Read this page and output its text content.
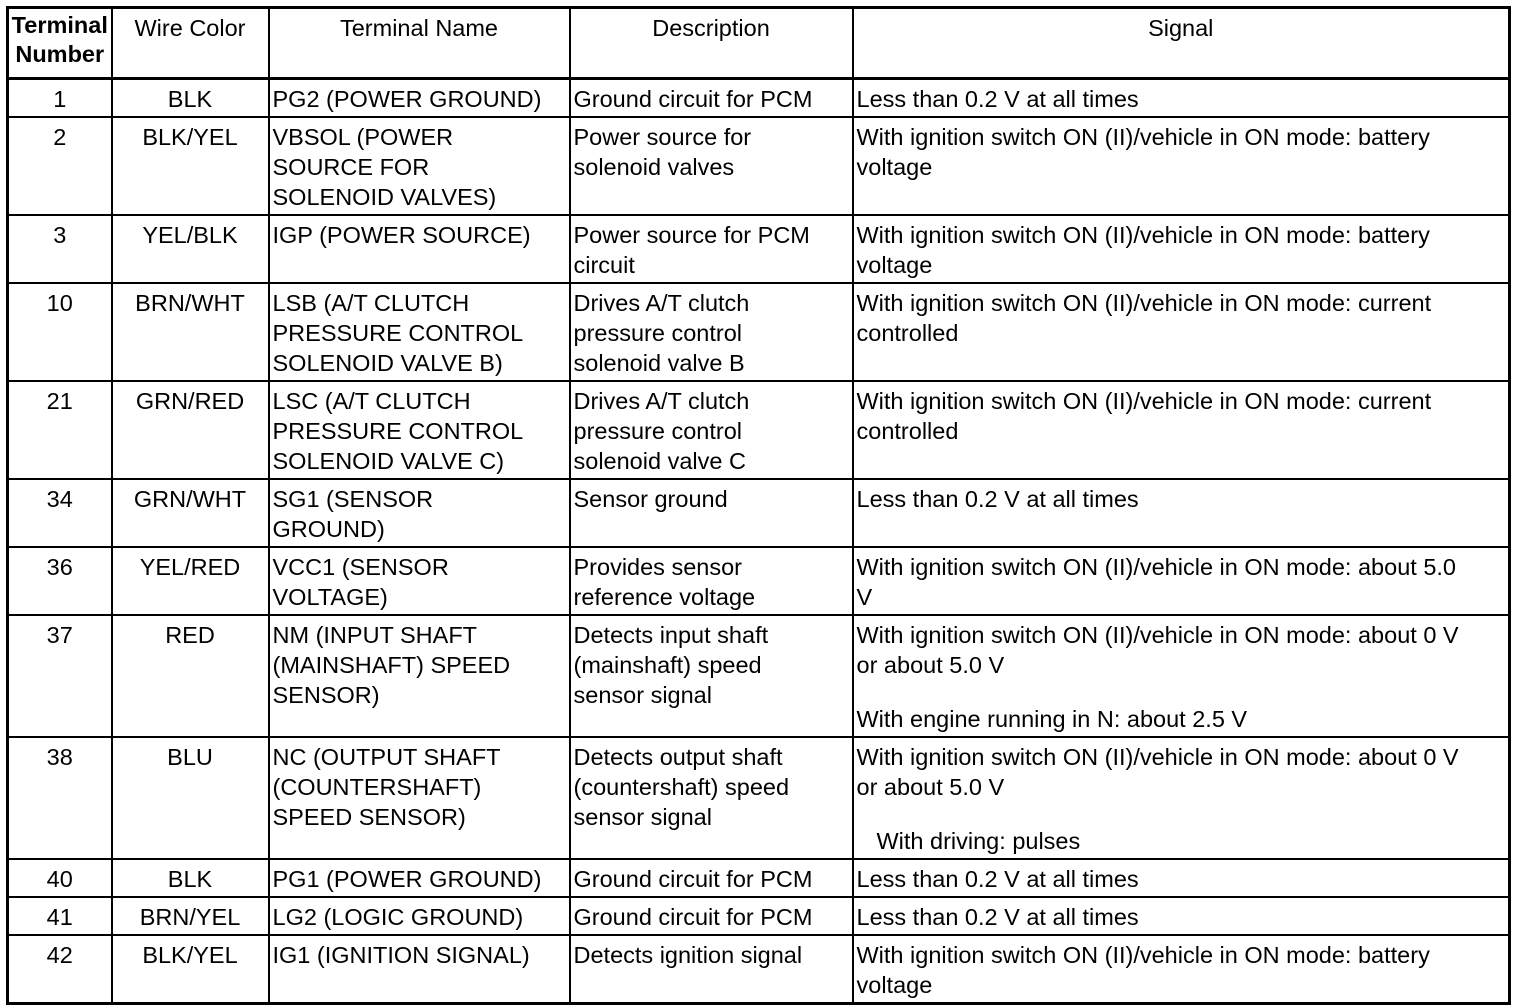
Terminal
Number	Wire Color	Terminal Name	Description	Signal
1	BLK	PG2 (POWER GROUND)	Ground circuit for PCM	Less than 0.2 V at all times

2	BLK/YEL	VBSOL (POWER
SOURCE FOR
SOLENOID VALVES)	Power source for
solenoid valves	With ignition switch ON (II)/vehicle in ON mode: battery
voltage

3	YEL/BLK	IGP (POWER SOURCE)	Power source for PCM
circuit	With ignition switch ON (II)/vehicle in ON mode: battery
voltage

10	BRN/WHT	LSB (A/T CLUTCH
PRESSURE CONTROL
SOLENOID VALVE B)	Drives A/T clutch
pressure control
solenoid valve B	With ignition switch ON (II)/vehicle in ON mode: current
controlled

21	GRN/RED	LSC (A/T CLUTCH
PRESSURE CONTROL
SOLENOID VALVE C)	Drives A/T clutch
pressure control
solenoid valve C	With ignition switch ON (II)/vehicle in ON mode: current
controlled

34	GRN/WHT	SG1 (SENSOR
GROUND)	Sensor ground	Less than 0.2 V at all times

36	YEL/RED	VCC1 (SENSOR
VOLTAGE)	Provides sensor
reference voltage	With ignition switch ON (II)/vehicle in ON mode: about 5.0
V

37	RED	NM (INPUT SHAFT
(MAINSHAFT) SPEED
SENSOR)	Detects input shaft
(mainshaft) speed
sensor signal	With ignition switch ON (II)/vehicle in ON mode: about 0 V
or about 5.0 V
With engine running in N: about 2.5 V

38	BLU	NC (OUTPUT SHAFT
(COUNTERSHAFT)
SPEED SENSOR)	Detects output shaft
(countershaft) speed
sensor signal	With ignition switch ON (II)/vehicle in ON mode: about 0 V
or about 5.0 V
With driving: pulses

40	BLK	PG1 (POWER GROUND)	Ground circuit for PCM	Less than 0.2 V at all times

41	BRN/YEL	LG2 (LOGIC GROUND)	Ground circuit for PCM	Less than 0.2 V at all times

42	BLK/YEL	IG1 (IGNITION SIGNAL)	Detects ignition signal	With ignition switch ON (II)/vehicle in ON mode: battery
voltage
